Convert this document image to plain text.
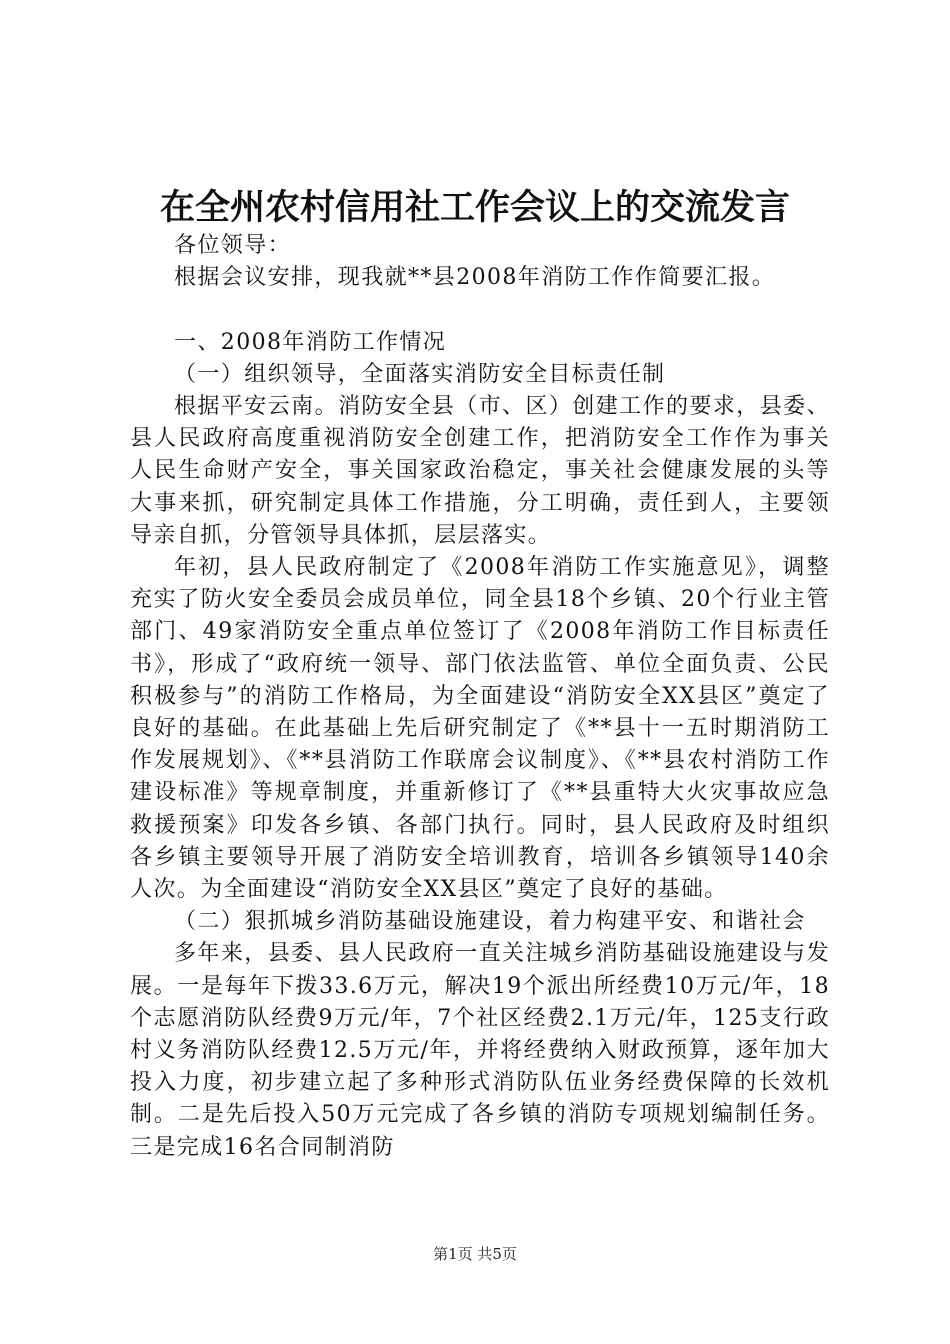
在全州农村信用社工作会议上的交流发言

各位领导：

根据会议安排，现我就**县2008年消防工作作简要汇报。

一、2008年消防工作情况

（一）组织领导，全面落实消防安全目标责任制

根据平安云南。消防安全县（市、区）创建工作的要求，县委、县人民政府高度重视消防安全创建工作，把消防安全工作作为事关人民生命财产安全，事关国家政治稳定，事关社会健康发展的头等大事来抓，研究制定具体工作措施，分工明确，责任到人，主要领导亲自抓，分管领导具体抓，层层落实。

年初，县人民政府制定了《2008年消防工作实施意见》，调整充实了防火安全委员会成员单位，同全县18个乡镇、20个行业主管部门、49家消防安全重点单位签订了《2008年消防工作目标责任书》，形成了“政府统一领导、部门依法监管、单位全面负责、公民积极参与”的消防工作格局，为全面建设“消防安全XX县区”奠定了良好的基础。在此基础上先后研究制定了《**县十一五时期消防工作发展规划》、《**县消防工作联席会议制度》、《**县农村消防工作建设标准》等规章制度，并重新修订了《**县重特大火灾事故应急救援预案》印发各乡镇、各部门执行。同时，县人民政府及时组织各乡镇主要领导开展了消防安全培训教育，培训各乡镇领导140余人次。为全面建设“消防安全XX县区”奠定了良好的基础。

（二）狠抓城乡消防基础设施建设，着力构建平安、和谐社会

多年来，县委、县人民政府一直关注城乡消防基础设施建设与发展。一是每年下拨33.6万元，解决19个派出所经费10万元/年，18个志愿消防队经费9万元/年，7个社区经费2.1万元/年，125支行政村义务消防队经费12.5万元/年，并将经费纳入财政预算，逐年加大投入力度，初步建立起了多种形式消防队伍业务经费保障的长效机制。二是先后投入50万元完成了各乡镇的消防专项规划编制任务。三是完成16名合同制消防

第1页 共5页
